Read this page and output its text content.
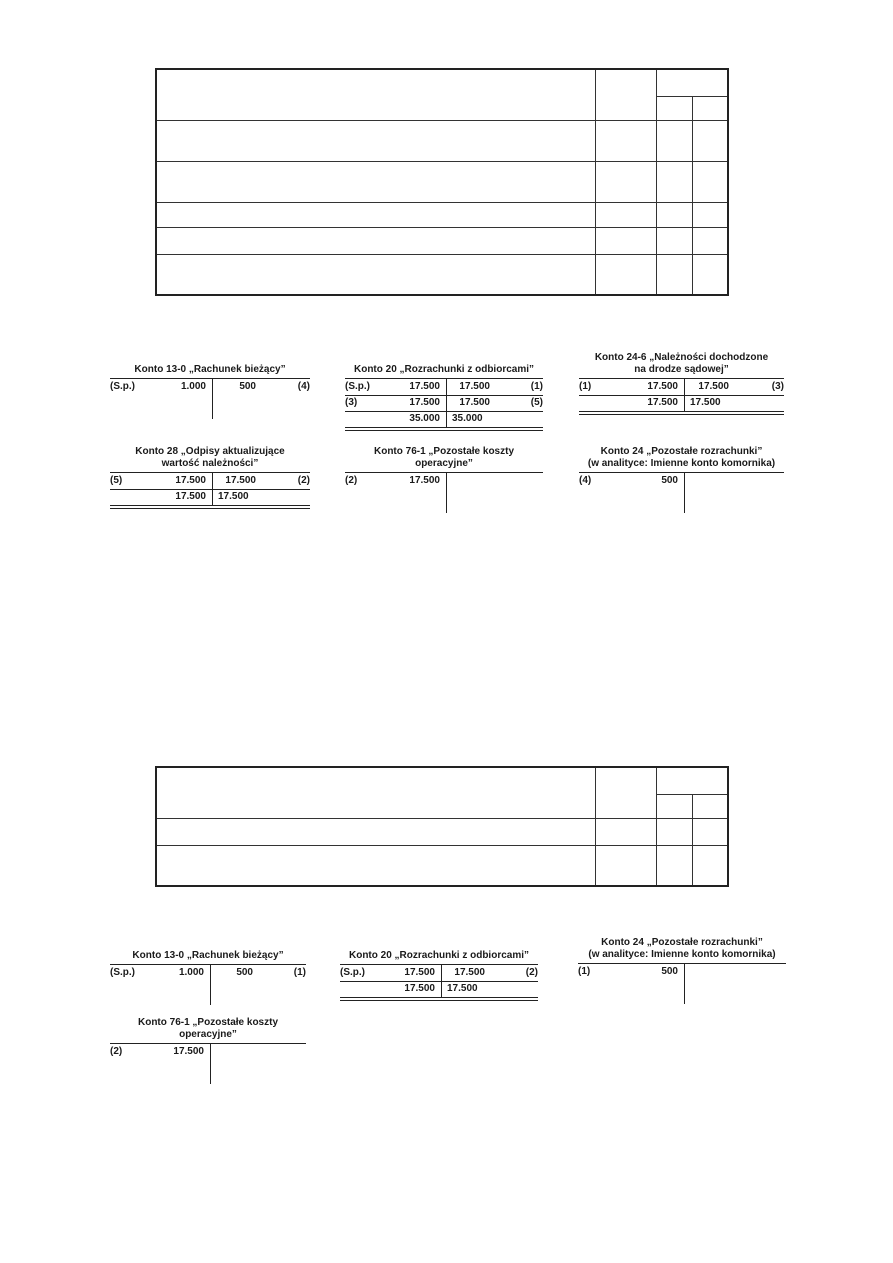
Konto 13-0 „Rachunek bieżący”
(S.p.)	1.000	500	(4)
Konto 20 „Rozrachunki z odbiorcami”
(S.p.)	17.500 17.500	(1)
(3)	17.500 17.500	(5)
35.000 35.000
Konto 24-6 „Należności dochodzone
na drodze sądowej”
(1)	17.500 17.500	(3)
17.500 17.500
Konto 28 „Odpisy aktualizujące
wartość należności”
(5)	17.500 17.500	(2)
17.500 17.500
Konto 76-1 „Pozostałe koszty
operacyjne”
(2)	17.500
Konto 24 „Pozostałe rozrachunki”
(w analityce: Imienne konto komornika)
(4)	500

Konto 13-0 „Rachunek bieżący”
(S.p.)	1.000	500	(1)
Konto 20 „Rozrachunki z odbiorcami”
(S.p.)	17.500 17.500	(2)
17.500 17.500
Konto 24 „Pozostałe rozrachunki”
(w analityce: Imienne konto komornika)
(1)	500
Konto 76-1 „Pozostałe koszty
operacyjne”
(2)	17.500
